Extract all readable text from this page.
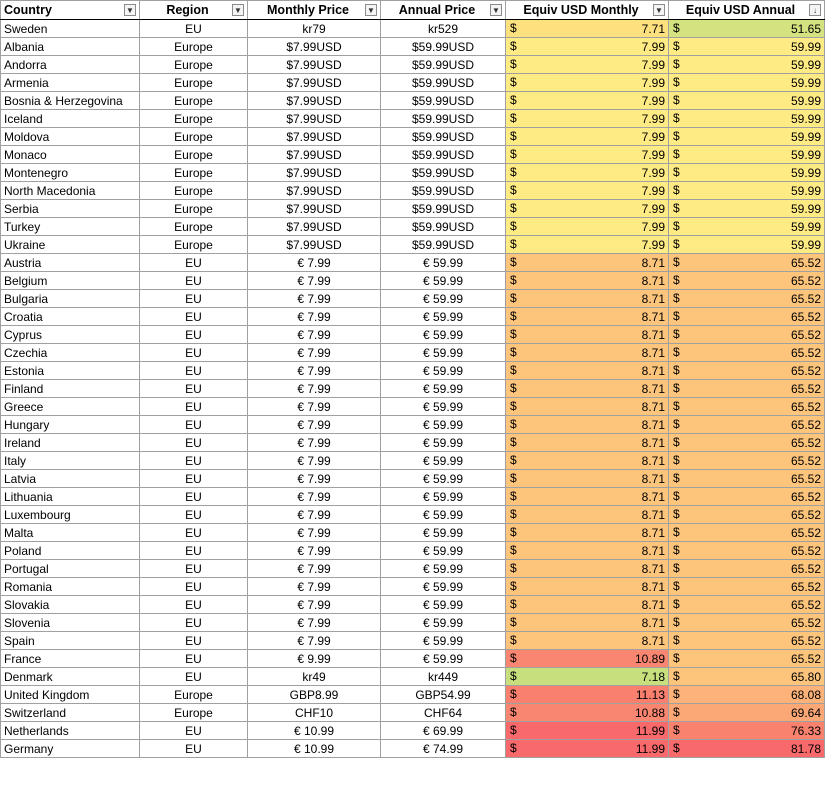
Country ▼	Region ▼	Monthly Price ▼	Annual Price ▼	Equiv USD Monthly ▼	Equiv USD Annual ↓

Sweden	EU	kr79	kr529	$ 7.71	$ 51.65
Albania	Europe	$7.99USD	$59.99USD	$ 7.99	$ 59.99
Andorra	Europe	$7.99USD	$59.99USD	$ 7.99	$ 59.99
Armenia	Europe	$7.99USD	$59.99USD	$ 7.99	$ 59.99
Bosnia & Herzegovina	Europe	$7.99USD	$59.99USD	$ 7.99	$ 59.99
Iceland	Europe	$7.99USD	$59.99USD	$ 7.99	$ 59.99
Moldova	Europe	$7.99USD	$59.99USD	$ 7.99	$ 59.99
Monaco	Europe	$7.99USD	$59.99USD	$ 7.99	$ 59.99
Montenegro	Europe	$7.99USD	$59.99USD	$ 7.99	$ 59.99
North Macedonia	Europe	$7.99USD	$59.99USD	$ 7.99	$ 59.99
Serbia	Europe	$7.99USD	$59.99USD	$ 7.99	$ 59.99
Turkey	Europe	$7.99USD	$59.99USD	$ 7.99	$ 59.99
Ukraine	Europe	$7.99USD	$59.99USD	$ 7.99	$ 59.99
Austria	EU	€ 7.99	€ 59.99	$ 8.71	$ 65.52
Belgium	EU	€ 7.99	€ 59.99	$ 8.71	$ 65.52
Bulgaria	EU	€ 7.99	€ 59.99	$ 8.71	$ 65.52
Croatia	EU	€ 7.99	€ 59.99	$ 8.71	$ 65.52
Cyprus	EU	€ 7.99	€ 59.99	$ 8.71	$ 65.52
Czechia	EU	€ 7.99	€ 59.99	$ 8.71	$ 65.52
Estonia	EU	€ 7.99	€ 59.99	$ 8.71	$ 65.52
Finland	EU	€ 7.99	€ 59.99	$ 8.71	$ 65.52
Greece	EU	€ 7.99	€ 59.99	$ 8.71	$ 65.52
Hungary	EU	€ 7.99	€ 59.99	$ 8.71	$ 65.52
Ireland	EU	€ 7.99	€ 59.99	$ 8.71	$ 65.52
Italy	EU	€ 7.99	€ 59.99	$ 8.71	$ 65.52
Latvia	EU	€ 7.99	€ 59.99	$ 8.71	$ 65.52
Lithuania	EU	€ 7.99	€ 59.99	$ 8.71	$ 65.52
Luxembourg	EU	€ 7.99	€ 59.99	$ 8.71	$ 65.52
Malta	EU	€ 7.99	€ 59.99	$ 8.71	$ 65.52
Poland	EU	€ 7.99	€ 59.99	$ 8.71	$ 65.52
Portugal	EU	€ 7.99	€ 59.99	$ 8.71	$ 65.52
Romania	EU	€ 7.99	€ 59.99	$ 8.71	$ 65.52
Slovakia	EU	€ 7.99	€ 59.99	$ 8.71	$ 65.52
Slovenia	EU	€ 7.99	€ 59.99	$ 8.71	$ 65.52
Spain	EU	€ 7.99	€ 59.99	$ 8.71	$ 65.52
France	EU	€ 9.99	€ 59.99	$ 10.89	$ 65.52
Denmark	EU	kr49	kr449	$ 7.18	$ 65.80
United Kingdom	Europe	GBP8.99	GBP54.99	$ 11.13	$ 68.08
Switzerland	Europe	CHF10	CHF64	$ 10.88	$ 69.64
Netherlands	EU	€ 10.99	€ 69.99	$ 11.99	$ 76.33
Germany	EU	€ 10.99	€ 74.99	$ 11.99	$ 81.78
